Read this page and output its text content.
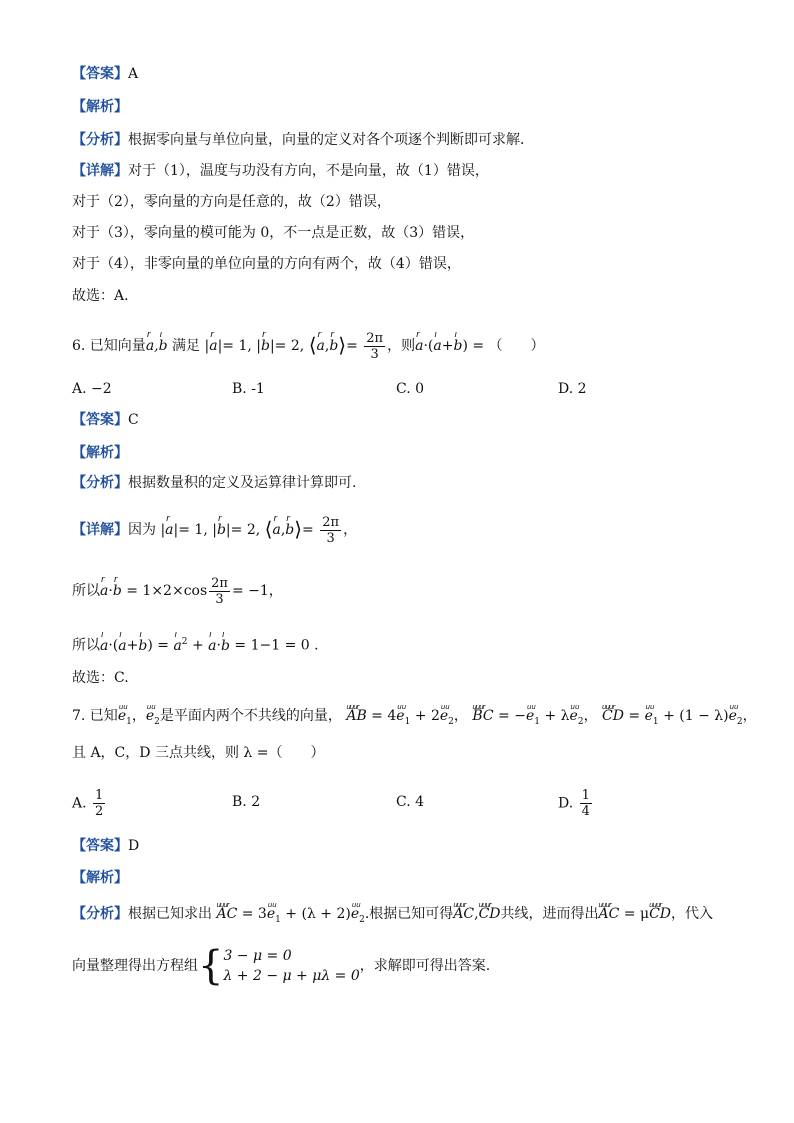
【答案】A
【解析】
【分析】根据零向量与单位向量，向量的定义对各个项逐个判断即可求解．
【详解】对于（1），温度与功没有方向，不是向量，故（1）错误，
对于（2），零向量的方向是任意的，故（2）错误，
对于（3），零向量的模可能为 0，不一点是正数，故（3）错误，
对于（4），非零向量的单位向量的方向有两个，故（4）错误，
故选：A．
6. 已知向量r a,ı b 满足 |r a|= 1, |r b|= 2, ⟨r a,r b⟩= $\frac{2\pi}{3}$ ，则r a·(ı a+ı b) = （　　）
A. −2	B. -1	C. 0	D. 2
【答案】C
【解析】
【分析】根据数量积的定义及运算律计算即可.
【详解】因为 |r a|= 1, |r b|= 2, ⟨r a,r b⟩= $\frac{2\pi}{3}$ ，
所以r a·r $b = 1\times 2\times\cos \frac{2\pi}{3} = -1$，
所以ı a·(ı a+ı b) = ı $a^2$ + ı a·ı b = 1−1 = 0 .
故选：C.
7. 已知uu $e_1$，uu $e_2$是平面内两个不共线的向量， uuur AB = 4uu $e_1 + 2uu$ $e_2$， uuur BC = −uu $e_1 + \lambda uu$ $e_2$， uuur CD = uu $e_1 + (1 - \lambda)uu$ $e_2$，
且 A，C，D 三点共线，则 λ =（　　）
A. $\frac{1}{2}$	B. 2	C. 4	D. $\frac{1}{4}$
【答案】D
【解析】
【分析】根据已知求出 uuur AC = 3uu $e_1 + (\lambda + 2)uu$ $e_2$.根据已知可得uuur AC,uuur CD共线，进而得出uuur AC = μuuur CD，代入
向量整理得出方程组{3 − μ = 0
λ + 2 − μ + μλ = 0，求解即可得出答案.
